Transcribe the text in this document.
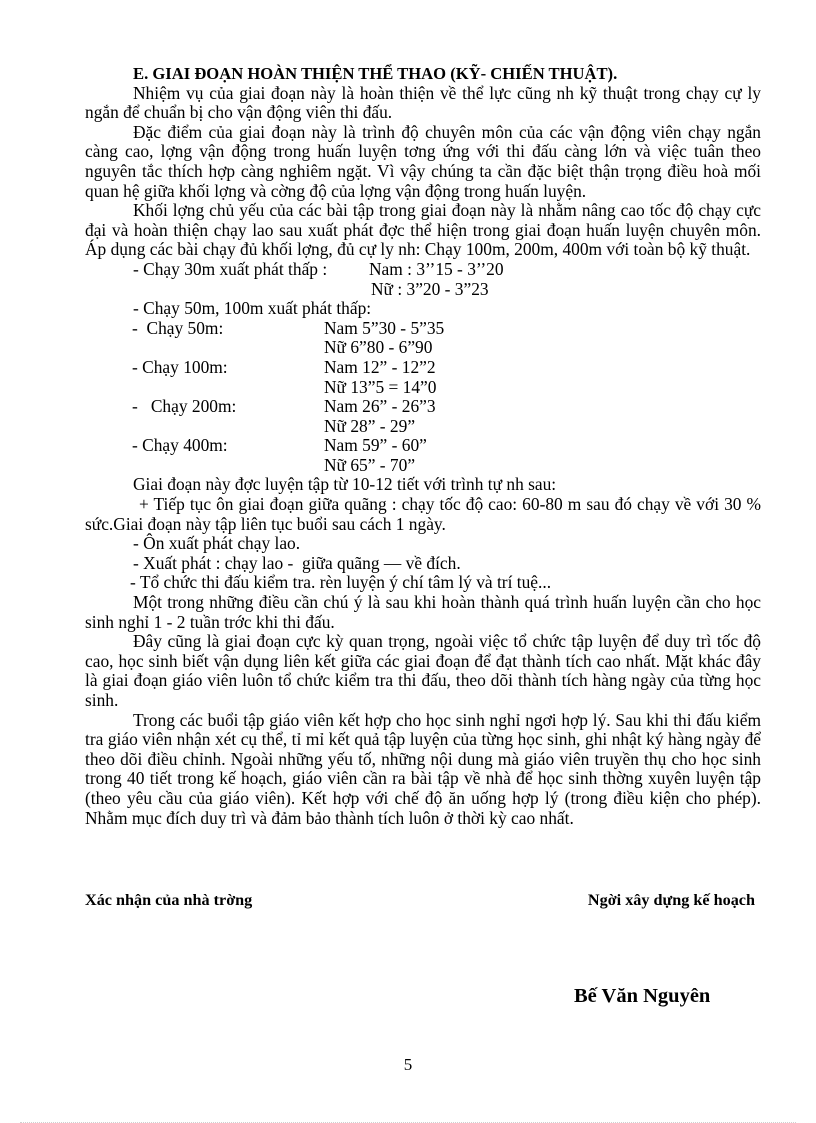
E. GIAI ĐOẠN HOÀN THIỆN THỂ THAO (KỸ- CHIẾN THUẬT).

Nhiệm vụ của giai đoạn này là hoàn thiện về thể lực cũng nh kỹ thuật trong chạy cự ly ngắn để chuẩn bị cho vận động viên thi đấu.

Đặc điểm của giai đoạn này là trình độ chuyên môn của các vận động viên chạy ngắn càng cao, lợng vận động trong huấn luyện tơng ứng với thi đấu càng lớn và việc tuân theo nguyên tắc thích hợp càng nghiêm ngặt. Vì vậy chúng ta cần đặc biệt thận trọng điều hoà mối quan hệ giữa khối lợng và cờng độ của lợng vận động trong huấn luyện.

Khối lợng chủ yếu của các bài tập trong giai đoạn này là nhằm nâng cao tốc độ chạy cực đại và hoàn thiện chạy lao sau xuất phát đợc thể hiện trong giai đoạn huấn luyện chuyên môn. Áp dụng các bài chạy đủ khối lợng, đủ cự ly nh: Chạy 100m, 200m, 400m với toàn bộ kỹ thuật.

- Chạy 30m xuất phát thấp :	Nam : 3’’15 - 3’’20
Nữ : 3”20 - 3”23
- Chạy 50m, 100m xuất phát thấp:
-  Chạy 50m:	Nam 5”30 - 5”35
Nữ 6”80 - 6”90
- Chạy 100m:	Nam 12” - 12”2
Nữ 13”5 = 14”0
-   Chạy 200m:	Nam 26” - 26”3
Nữ 28” - 29”
- Chạy 400m:	Nam 59” - 60”
Nữ 65” - 70”

Giai đoạn này đợc luyện tập từ 10-12 tiết với trình tự nh sau:

+ Tiếp tục ôn giai đoạn giữa quãng : chạy tốc độ cao: 60-80 m sau đó chạy về với 30 % sức.Giai đoạn này tập liên tục buổi sau cách 1 ngày.

- Ôn xuất phát chạy lao.
- Xuất phát : chạy lao -  giữa quãng — về đích.
- Tổ chức thi đấu kiểm tra. rèn luyện ý chí tâm lý và trí tuệ...

Một trong những điều cần chú ý là sau khi hoàn thành quá trình huấn luyện cần cho học sinh nghỉ 1 - 2 tuần trớc khi thi đấu.

Đây cũng là giai đoạn cực kỳ quan trọng, ngoài việc tổ chức tập luyện để duy trì tốc độ cao, học sinh biết vận dụng liên kết giữa các giai đoạn để đạt thành tích cao nhất. Mặt khác đây là giai đoạn giáo viên luôn tổ chức kiểm tra thi đấu, theo dõi thành tích hàng ngày của từng học sinh.

Trong các buổi tập giáo viên kết hợp cho học sinh nghỉ ngơi hợp lý. Sau khi thi đấu kiểm tra giáo viên nhận xét cụ thể, tỉ mỉ kết quả tập luyện của từng học sinh, ghi nhật ký hàng ngày để theo dõi điều chỉnh. Ngoài những yếu tố, những nội dung mà giáo viên truyền thụ cho học sinh trong 40 tiết trong kế hoạch, giáo viên cần ra bài tập về nhà để học sinh thờng xuyên luyện tập (theo yêu cầu của giáo viên). Kết hợp với chế độ ăn uống hợp lý (trong điều kiện cho phép). Nhằm mục đích duy trì và đảm bảo thành tích luôn ở thời kỳ cao nhất.

Xác nhận của nhà trờng	Ngời xây dựng kế hoạch
Bế Văn Nguyên
5
